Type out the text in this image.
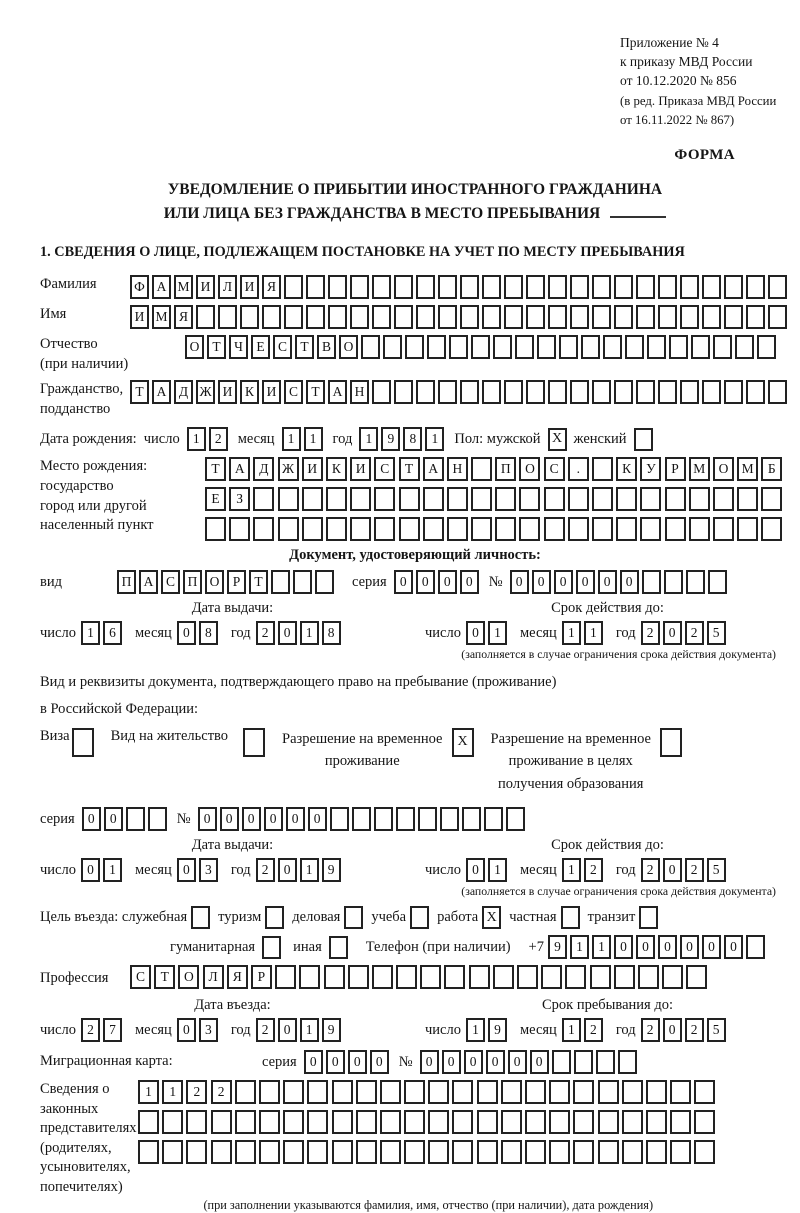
Приложение № 4
к приказу МВД России
от 10.12.2020 № 856
(в ред. Приказа МВД России
от 16.11.2022 № 867)
ФОРМА
УВЕДОМЛЕНИЕ О ПРИБЫТИИ ИНОСТРАННОГО ГРАЖДАНИНА
ИЛИ ЛИЦА БЕЗ ГРАЖДАНСТВА В МЕСТО ПРЕБЫВАНИЯ
1. СВЕДЕНИЯ О ЛИЦЕ, ПОДЛЕЖАЩЕМ ПОСТАНОВКЕ НА УЧЕТ ПО МЕСТУ ПРЕБЫВАНИЯ
Фамилия	Ф А М И Л И Я
Имя	И М Я
Отчество
(при наличии)
О Т Ч Е С Т В О
Гражданство,
подданство
Т А Д Ж И К И С Т А Н
Дата рождения: число 1	2	месяц 1	1	год 1	9	8	1	Пол: мужской X женский
Место рождения:
государство
город или другой
населенный пункт
Т	А	Д	Ж И	К	И	С	Т	А	Н	П	О	С	.	К	У	Р	М О М	Б
Е	З
Документ, удостоверяющий личность:
вид	П А С П О Р	Т	серия 0	0	0	0	№ 0	0	0	0	0	0
Дата выдачи:
число 1	6	месяц 0	8	год 2	0	1	8
Срок действия до:
число 0	1	месяц 1	1	год 2	0	2	5
(заполняется в случае ограничения срока действия документа)
Вид и реквизиты документа, подтверждающего право на пребывание (проживание)
в Российской Федерации:
Виза	Вид на жительство	Разрешение на временное
проживание
X	Разрешение на временное
проживание в целях
получения образования
серия 0	0	№ 0	0	0	0	0	0
Дата выдачи:
число 0	1	месяц 0	3	год 2	0	1	9
Срок действия до:
число 0	1	месяц 1	2	год 2	0	2	5
(заполняется в случае ограничения срока действия документа)
Цель въезда: служебная туризм деловая учеба работа X частная транзит
гуманитарная	иная	Телефон (при наличии) +7 9	1	1	0	0	0	0	0	0
Профессия	С	Т	О	Л	Я	Р
Дата въезда:
число 2	7	месяц 0	3	год 2	0	1	9
Срок пребывания до:
число 1	9	месяц 1	2	год 2	0	2	5
Миграционная карта:	серия 0	0	0	0	№ 0	0	0	0	0	0
Сведения о
законных
представителях
(родителях,
усыновителях,
попечителях)
1	1	2	2
(при заполнении указываются фамилия, имя, отчество (при наличии), дата рождения)
